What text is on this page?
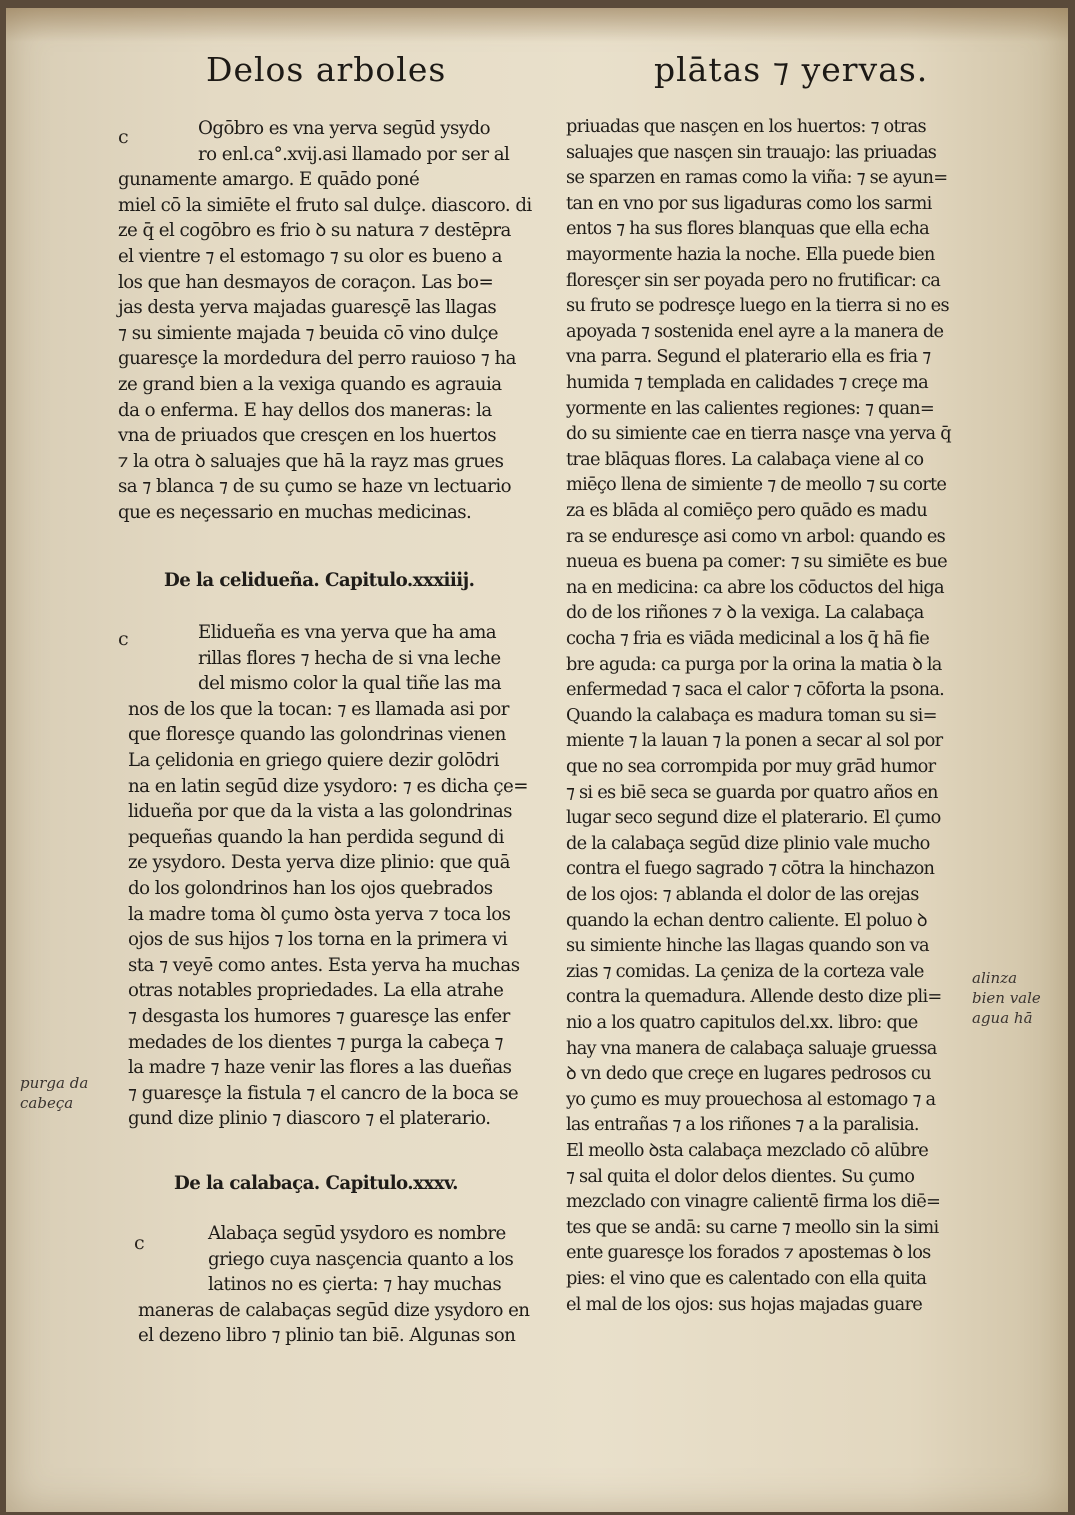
Delos arboles	plātas ⁊ yervas.
c	Ogōbro es vna yerva segūd ysydo
ro enl.ca°.xvij.asi llamado por ser al
gunamente amargo. E quādo poné
miel cō la simiēte el fruto sal dulçe. diascoro. di
ze q̄ el cogōbro es frio ꝺ su natura ⁊ destēpra
el vientre ⁊ el estomago ⁊ su olor es bueno a
los que han desmayos de coraçon. Las bo=
jas desta yerva majadas guaresçē las llagas
⁊ su simiente majada ⁊ beuida cō vino dulçe
guaresçe la mordedura del perro rauioso ⁊ ha
ze grand bien a la vexiga quando es agrauia
da o enferma. E hay dellos dos maneras: la
vna de priuados que cresçen en los huertos
⁊ la otra ꝺ saluajes que hā la rayz mas grues
sa ⁊ blanca ⁊ de su çumo se haze vn lectuario
que es neçessario en muchas medicinas.
De la celidueña. Capitulo.xxxiiij.
Elidueña es vna yerva que ha ama
rillas flores ⁊ hecha de si vna leche
del mismo color la qual tiñe las ma
nos de los que la tocan: ⁊ es llamada asi por
que floresçe quando las golondrinas vienen
La çelidonia en griego quiere dezir golōdri
na en latin segūd dize ysydoro: ⁊ es dicha çe=
lidueña por que da la vista a las golondrinas
pequeñas quando la han perdida segund di
ze ysydoro. Desta yerva dize plinio: que quā
do los golondrinos han los ojos quebrados
la madre toma ꝺl çumo ꝺsta yerva ⁊ toca los
ojos de sus hijos ⁊ los torna en la primera vi
sta ⁊ veyē como antes. Esta yerva ha muchas
otras notables propriedades. La ella atrahe
⁊ desgasta los humores ⁊ guaresçe las enfer
medades de los dientes ⁊ purga la cabeça ⁊
la madre ⁊ haze venir las flores a las dueñas
⁊ guaresçe la fistula ⁊ el cancro de la boca se
gund dize plinio ⁊ diascoro ⁊ el platerario.
De la calabaça. Capitulo.xxxv.
Alabaça segūd ysydoro es nombre
griego cuya nasçencia quanto a los
latinos no es çierta: ⁊ hay muchas
maneras de calabaças segūd dize ysydoro en
el dezeno libro ⁊ plinio tan biē. Algunas son
priuadas que nasçen en los huertos: ⁊ otras
saluajes que nasçen sin trauajo: las priuadas
se sparzen en ramas como la viña: ⁊ se ayun=
tan en vno por sus ligaduras como los sarmi
entos ⁊ ha sus flores blanquas que ella echa
mayormente hazia la noche. Ella puede bien
floresçer sin ser poyada pero no frutificar: ca
su fruto se podresçe luego en la tierra si no es
apoyada ⁊ sostenida enel ayre a la manera de
vna parra. Segund el platerario ella es fria ⁊
humida ⁊ templada en calidades ⁊ creçe ma
yormente en las calientes regiones: ⁊ quan=
do su simiente cae en tierra nasçe vna yerva q̄
trae blāquas flores. La calabaça viene al co
miēço llena de simiente ⁊ de meollo ⁊ su corte
za es blāda al comiēço pero quādo es madu
ra se enduresçe asi como vn arbol: quando es
nueua es buena pa comer: ⁊ su simiēte es bue
na en medicina: ca abre los cōductos del higa
do de los riñones ⁊ ꝺ la vexiga. La calabaça
cocha ⁊ fria es viāda medicinal a los q̄ hā fie
bre aguda: ca purga por la orina la matia ꝺ la
enfermedad ⁊ saca el calor ⁊ cōforta la psona.
Quando la calabaça es madura toman su si=
miente ⁊ la lauan ⁊ la ponen a secar al sol por
que no sea corrompida por muy grād humor
⁊ si es biē seca se guarda por quatro años en
lugar seco segund dize el platerario. El çumo
de la calabaça segūd dize plinio vale mucho
contra el fuego sagrado ⁊ cōtra la hinchazon
de los ojos: ⁊ ablanda el dolor de las orejas
quando la echan dentro caliente. El poluo ꝺ
su simiente hinche las llagas quando son va
zias ⁊ comidas. La çeniza de la corteza vale
contra la quemadura. Allende desto dize pli=
nio a los quatro capitulos del.xx. libro: que
hay vna manera de calabaça saluaje gruessa
ꝺ vn dedo que creçe en lugares pedrosos cu
yo çumo es muy prouechosa al estomago ⁊ a
las entrañas ⁊ a los riñones ⁊ a la paralisia.
El meollo ꝺsta calabaça mezclado cō alūbre
⁊ sal quita el dolor delos dientes. Su çumo
mezclado con vinagre calientē firma los diē=
tes que se andā: su carne ⁊ meollo sin la simi
ente guaresçe los forados ⁊ apostemas ꝺ los
pies: el vino que es calentado con ella quita
el mal de los ojos: sus hojas majadas guare
purga da
cabeça
alinza
bien vale
agua hā
c
c
